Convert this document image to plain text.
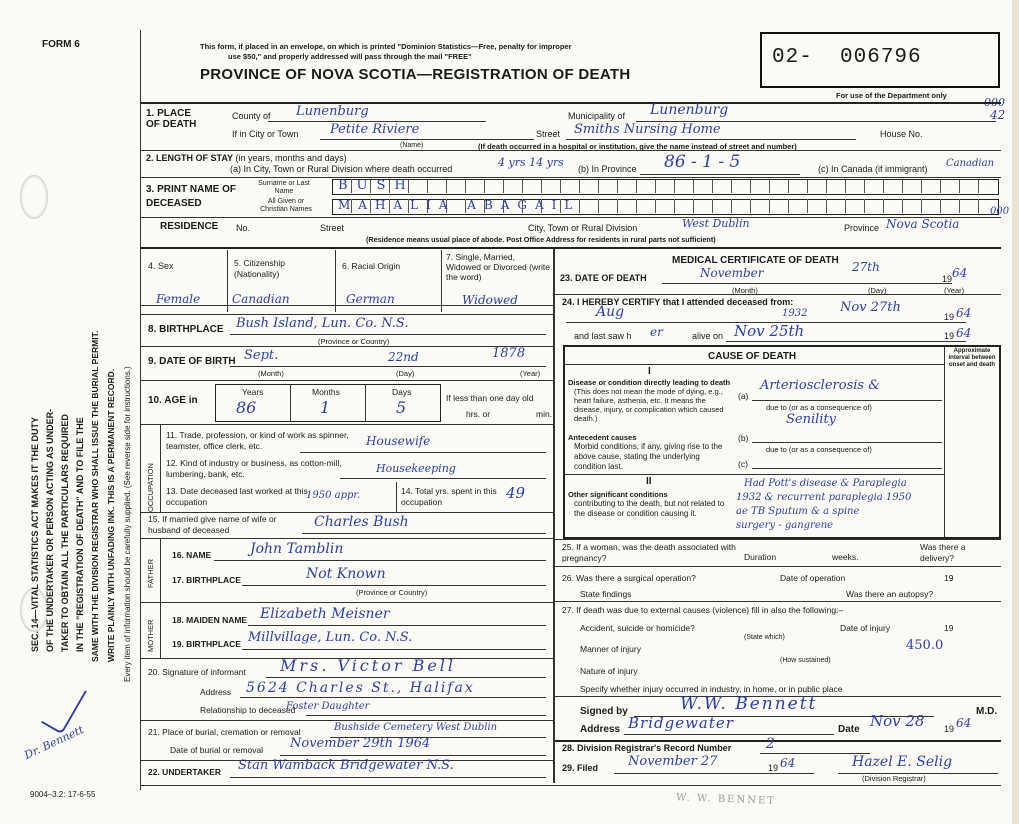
FORM 6
SEC. 14—VITAL STATISTICS ACT MAKES IT THE DUTY OF THE UNDERTAKER OR PERSON ACTING AS UNDER- TAKER TO OBTAIN ALL THE PARTICULARS REQUIRED IN THE "REGISTRATION OF DEATH" AND TO FILE THE SAME WITH THE DIVISION REGISTRAR WHO SHALL ISSUE THE BURIAL PERMIT. WRITE PLAINLY WITH UNFADING INK. THIS IS A PERMANENT RECORD. Every item of information should be carefully supplied. (See reverse side for instructions.)
Dr. Bennett
9004–3.2: 17-6-55
This form, if placed in an envelope, on which is printed "Dominion Statistics—Free, penalty for improper
use $50," and properly addressed will pass through the mail "FREE"
PROVINCE OF NOVA SCOTIA—REGISTRATION OF DEATH
02-  006796
For use of the Department only
000
42
1. PLACE OF DEATH
County of Lunenburg	Municipality of Lunenburg
If in City or Town Petite Riviere
(Name)
Street Smiths Nursing Home	House No.
(If death occurred in a hospital or institution, give the name instead of street and number)
2. LENGTH OF STAY (in years, months and days)
(a) In City, Town or Rural Division where death occurred	4 yrs 14 yrs (b) In Province 86 - 1 - 5	(c) In Canada (if immigrant) Canadian
3. PRINT NAME OF DECEASED
Surname or Last Name
All Given or Christian Names
BUSH
MAHALIA ABAGAIL
RESIDENCE No.	Street	City, Town or Rural Division	West Dublin	Province Nova Scotia
000
(Residence means usual place of abode. Post Office Address for residents in rural parts not sufficient)
4. Sex	5. Citizenship (Nationality)
6. Racial Origin
7. Single, Married, Widowed or Divorced (write the word)
Female	Canadian	German	Widowed
8. BIRTHPLACE Bush Island, Lun. Co. N.S.
(Province or Country)
9. DATE OF BIRTH Sept.	22nd	1878
(Month)	(Day)	(Year)
10. AGE in
Years	Months	Days
86	1	5	If less than one day old
hrs. or	min.
OCCUPATION
11. Trade, profession, or kind of work as spinner, teamster, office clerk, etc.	Housewife
12. Kind of industry or business, as cotton-mill, lumbering, bank, etc.	Housekeeping
13. Date deceased last worked at this occupation
1950 appr.	14. Total yrs. spent in this occupation	49
15. If married give name of wife or husband of deceased	Charles Bush
FATHER
16. NAME	John Tamblin
17. BIRTHPLACE	Not Known
(Province or Country)
MOTHER 18. MAIDEN NAME Elizabeth Meisner
19. BIRTHPLACE Millvillage, Lun. Co. N.S.
20. Signature of informant Mrs. Victor Bell
Address 5624 Charles St., Halifax
Relationship to deceased
Foster Daughter
21. Place of burial, cremation or removal	Bushside Cemetery West Dublin
Date of burial or removal November 29th 1964
22. UNDERTAKER Stan Wamback Bridgewater N.S.
MEDICAL CERTIFICATE OF DEATH
23. DATE OF DEATH	November	27th
19 64
(Month)	(Day)	(Year)
24. I HEREBY CERTIFY that I attended deceased from:
Aug	1932	Nov 27th
19 64
and last saw h er	alive on Nov 25th	19 64
CAUSE OF DEATH	Approximate interval between onset and death
I
Disease or condition directly leading to death
(This does not mean the mode of dying, e.g., heart failure, asthenia, etc. It means the disease, injury, or complication which caused death.)
(a)
Arteriosclerosis &
due to (or as a consequence of)
Senility
Antecedent causes
Morbid conditions, if any, giving rise to the above cause, stating the underlying condition last.
(b)
due to (or as a consequence of)
(c)
II
Other significant conditions
contributing to the death, but not related to the disease or condition causing it.
Had Pott's disease & Paraplegia
1932 & recurrent paraplegia 1950
ae TB Sputum & a spine
surgery - gangrene
25. If a woman, was the death associated with pregnancy?	Duration	weeks.
Was there a delivery?
26. Was there a surgical operation?	Date of operation	19
State findings	Was there an autopsy?
27. If death was due to external causes (violence) fill in also the following:–
Accident, suicide or homicide?
(State which)
Date of injury	19
Manner of injury	450.0
(How sustained)
Nature of injury
Specify whether injury occurred in industry, in home, or in public place
Signed by	W.W. Bennett	M.D.
Address Bridgewater	Date Nov 28 19 64
28. Division Registrar's Record Number 2
29. Filed November 27	19 64	Hazel E. Selig
(Division Registrar)
W. W. BENNET
